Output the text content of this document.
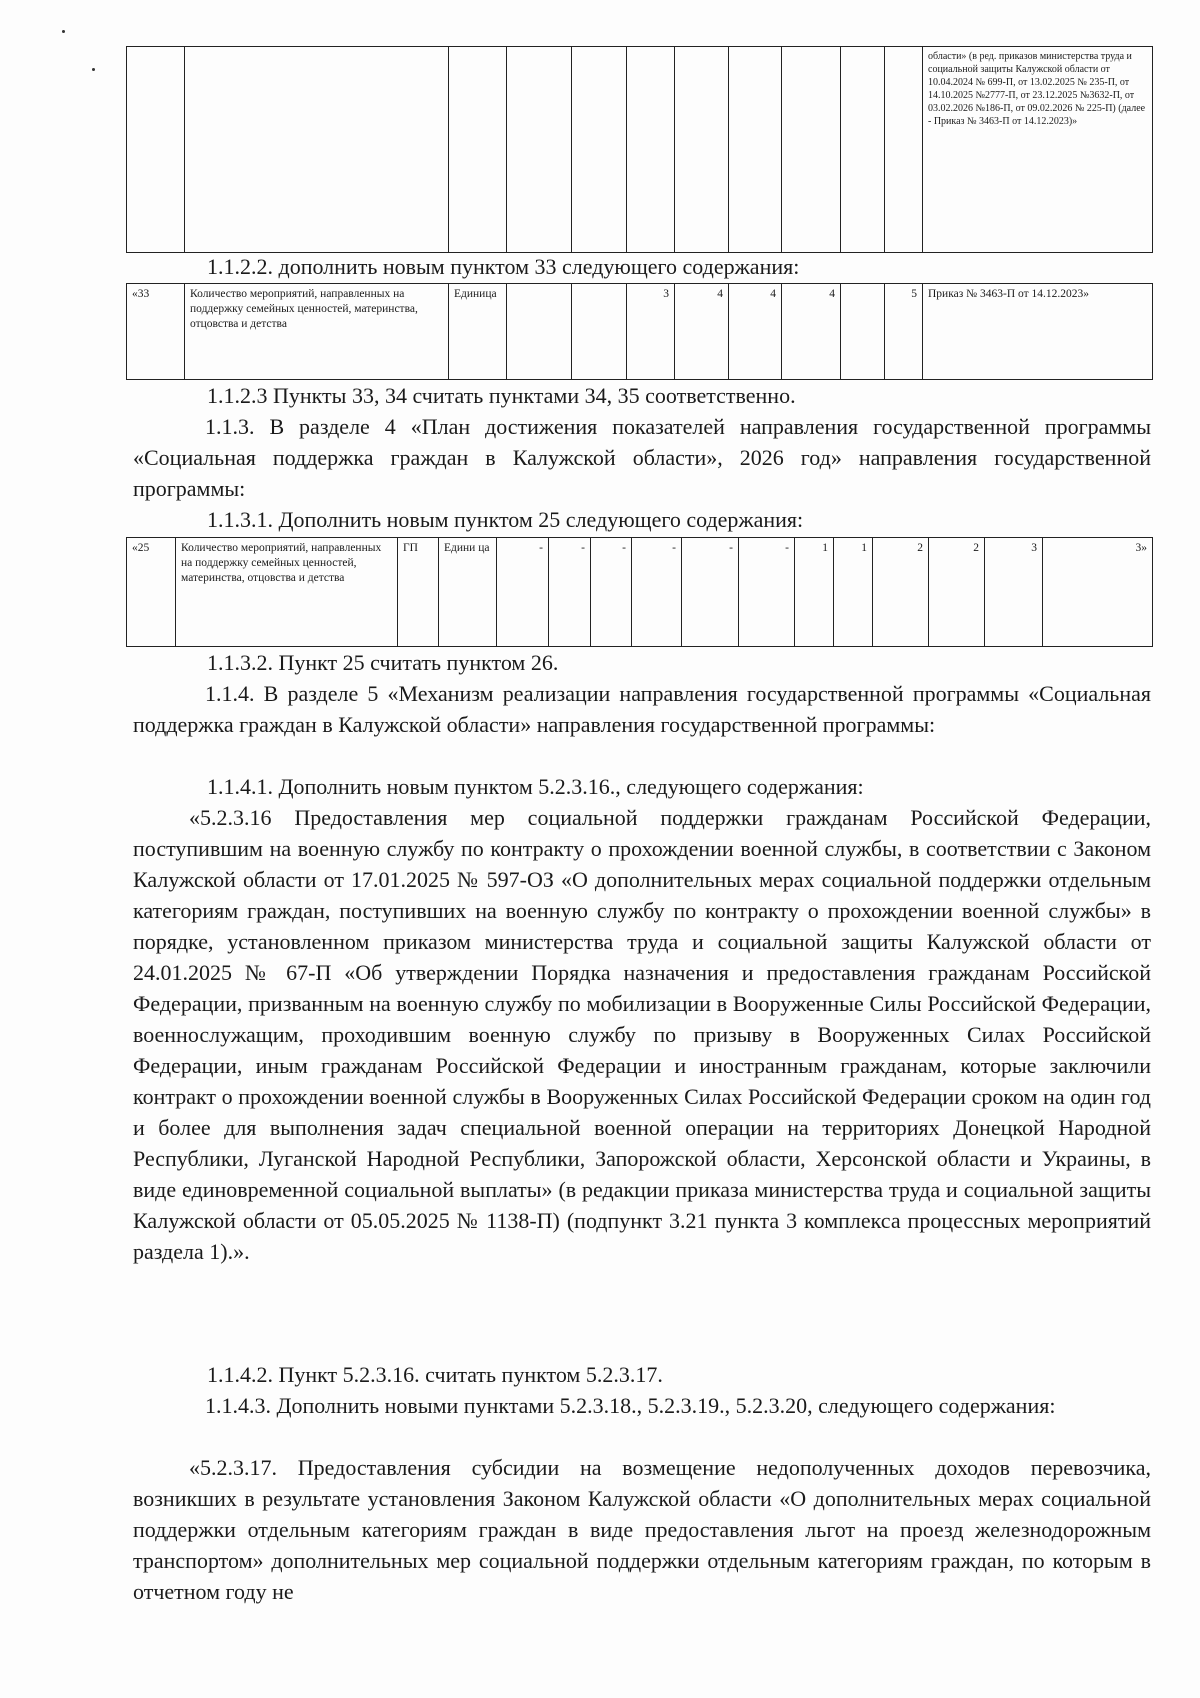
											области» (в ред. приказов министерства труда и социальной защиты Калужской области от 10.04.2024 № 699-П, от 13.02.2025 № 235-П, от 14.10.2025 №2777-П, от 23.12.2025 №3632-П, от 03.02.2026 №186-П, от 09.02.2026 № 225-П) (далее - Приказ № 3463-П от 14.12.2023)»
1.1.2.2. дополнить новым пунктом 33 следующего содержания:
«33	Количество мероприятий, направленных на поддержку семейных ценностей, материнства, отцовства и детства	Единица			3	4	4	4		5	Приказ № 3463-П от 14.12.2023»
1.1.2.3 Пункты 33, 34 считать пунктами 34, 35 соответственно.
1.1.3. В разделе 4 «План достижения показателей направления государственной программы «Социальная поддержка граждан в Калужской области», 2026 год» направления государственной программы:
1.1.3.1. Дополнить новым пунктом 25 следующего содержания:
«25	Количество мероприятий, направленных на поддержку семейных ценностей, материнства, отцовства и детства	ГП	Едини ца	-	-	-	-	-	-	1	1	2	2	3	3»
1.1.3.2. Пункт 25 считать пунктом 26.
1.1.4. В разделе 5 «Механизм реализации направления государственной программы «Социальная поддержка граждан в Калужской области» направления государственной программы:
1.1.4.1. Дополнить новым пунктом 5.2.3.16., следующего содержания:
«5.2.3.16 Предоставления мер социальной поддержки гражданам Российской Федерации, поступившим на военную службу по контракту о прохождении военной службы, в соответствии с Законом Калужской области от 17.01.2025 № 597-ОЗ «О дополнительных мерах социальной поддержки отдельным категориям граждан, поступивших на военную службу по контракту о прохождении военной службы» в порядке, установленном приказом министерства труда и социальной защиты Калужской области от 24.01.2025 № 67-П «Об утверждении Порядка назначения и предоставления гражданам Российской Федерации, призванным на военную службу по мобилизации в Вооруженные Силы Российской Федерации, военнослужащим, проходившим военную службу по призыву в Вооруженных Силах Российской Федерации, иным гражданам Российской Федерации и иностранным гражданам, которые заключили контракт о прохождении военной службы в Вооруженных Силах Российской Федерации сроком на один год и более для выполнения задач специальной военной операции на территориях Донецкой Народной Республики, Луганской Народной Республики, Запорожской области, Херсонской области и Украины, в виде единовременной социальной выплаты» (в редакции приказа министерства труда и социальной защиты Калужской области от 05.05.2025 № 1138-П) (подпункт 3.21 пункта 3 комплекса процессных мероприятий раздела 1).».
1.1.4.2. Пункт 5.2.3.16. считать пунктом 5.2.3.17.
1.1.4.3. Дополнить новыми пунктами 5.2.3.18., 5.2.3.19., 5.2.3.20, следующего содержания:
«5.2.3.17. Предоставления субсидии на возмещение недополученных доходов перевозчика, возникших в результате установления Законом Калужской области «О дополнительных мерах социальной поддержки отдельным категориям граждан в виде предоставления льгот на проезд железнодорожным транспортом» дополнительных мер социальной поддержки отдельным категориям граждан, по которым в отчетном году не
